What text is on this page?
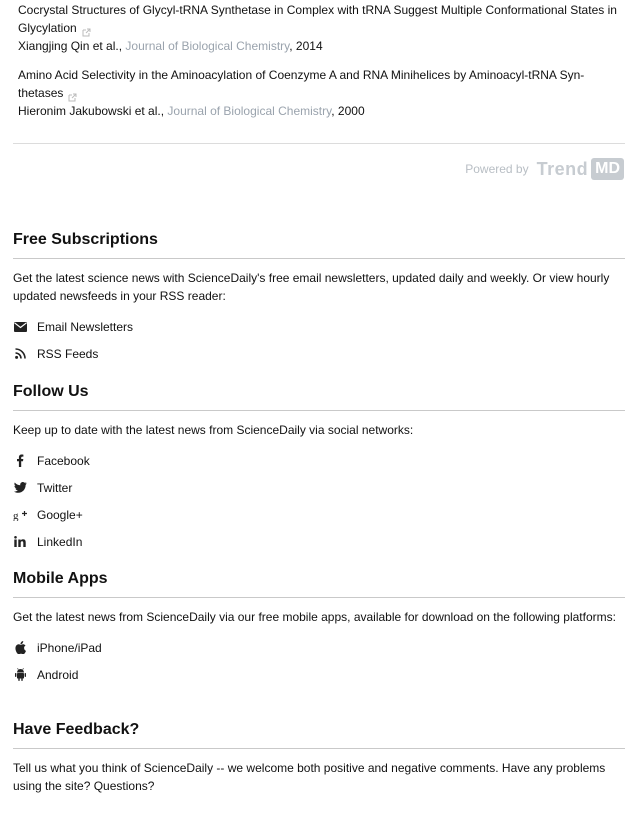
Cocrystal Structures of Glycyl-tRNA Synthetase in Complex with tRNA Suggest Multiple Conformational States in Glycylation
Xiangjing Qin et al., Journal of Biological Chemistry, 2014
Amino Acid Selectivity in the Aminoacylation of Coenzyme A and RNA Minihelices by Aminoacyl-tRNA Syn-thetases
Hieronim Jakubowski et al., Journal of Biological Chemistry, 2000
Powered by Trend MD
Free Subscriptions
Get the latest science news with ScienceDaily's free email newsletters, updated daily and weekly. Or view hourly updated newsfeeds in your RSS reader:
Email Newsletters
RSS Feeds
Follow Us
Keep up to date with the latest news from ScienceDaily via social networks:
Facebook
Twitter
g Google+
LinkedIn
Mobile Apps
Get the latest news from ScienceDaily via our free mobile apps, available for download on the following platforms:
iPhone/iPad
Android
Have Feedback?
Tell us what you think of ScienceDaily -- we welcome both positive and negative comments. Have any problems using the site? Questions?
